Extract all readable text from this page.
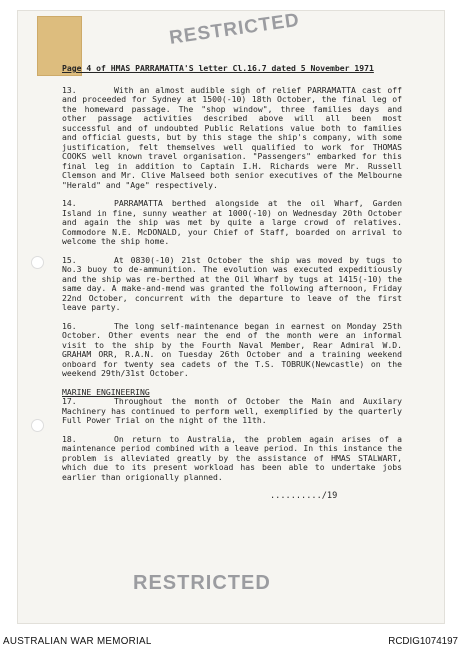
RESTRICTED

Page 4 of HMAS PARRAMATTA'S letter Cl.16.7 dated 5 November 1971

13.	With an almost audible sigh of relief PARRAMATTA cast off and proceeded for Sydney at 1500(-10) 18th October, the final leg of the homeward passage. The "shop window", three families days and other passage activities described above will all been most successful and of undoubted Public Relations value both to families and official guests, but by this stage the ship's company, with some justification, felt themselves well qualified to work for THOMAS COOKS well known travel organisation. "Passengers" embarked for this final leg in addition to Captain I.H. Richards were Mr. Russell Clemson and Mr. Clive Malseed both senior executives of the Melbourne "Herald" and "Age" respectively.

14.	PARRAMATTA berthed alongside at the oil Wharf, Garden Island in fine, sunny weather at 1000(-10) on Wednesday 20th October and again the ship was met by quite a large crowd of relatives. Commodore N.E. McDONALD, your Chief of Staff, boarded on arrival to welcome the ship home.

15.	At 0830(-10) 21st October the ship was moved by tugs to No.3 buoy to de-ammunition. The evolution was executed expeditiously and the ship was re-berthed at the Oil Wharf by tugs at 1415(-10) the same day. A make-and-mend was granted the following afternoon, Friday 22nd October, concurrent with the departure to leave of the first leave party.

16.	The long self-maintenance began in earnest on Monday 25th October. Other events near the end of the month were an informal visit to the ship by the Fourth Naval Member, Rear Admiral W.D. GRAHAM ORR, R.A.N. on Tuesday 26th October and a training weekend onboard for twenty sea cadets of the T.S. TOBRUK(Newcastle) on the weekend 29th/31st October.

MARINE ENGINEERING

17.	Throughout the month of October the Main and Auxilary Machinery has continued to perform well, exemplified by the quarterly Full Power Trial on the night of the 11th.

18.	On return to Australia, the problem again arises of a maintenance period combined with a leave period. In this instance the problem is alleviated greatly by the assistance of HMAS STALWART, which due to its present workload has been able to undertake jobs earlier than origionally planned.

........../19
RESTRICTED
AUSTRALIAN WAR MEMORIAL	RCDIG1074197
